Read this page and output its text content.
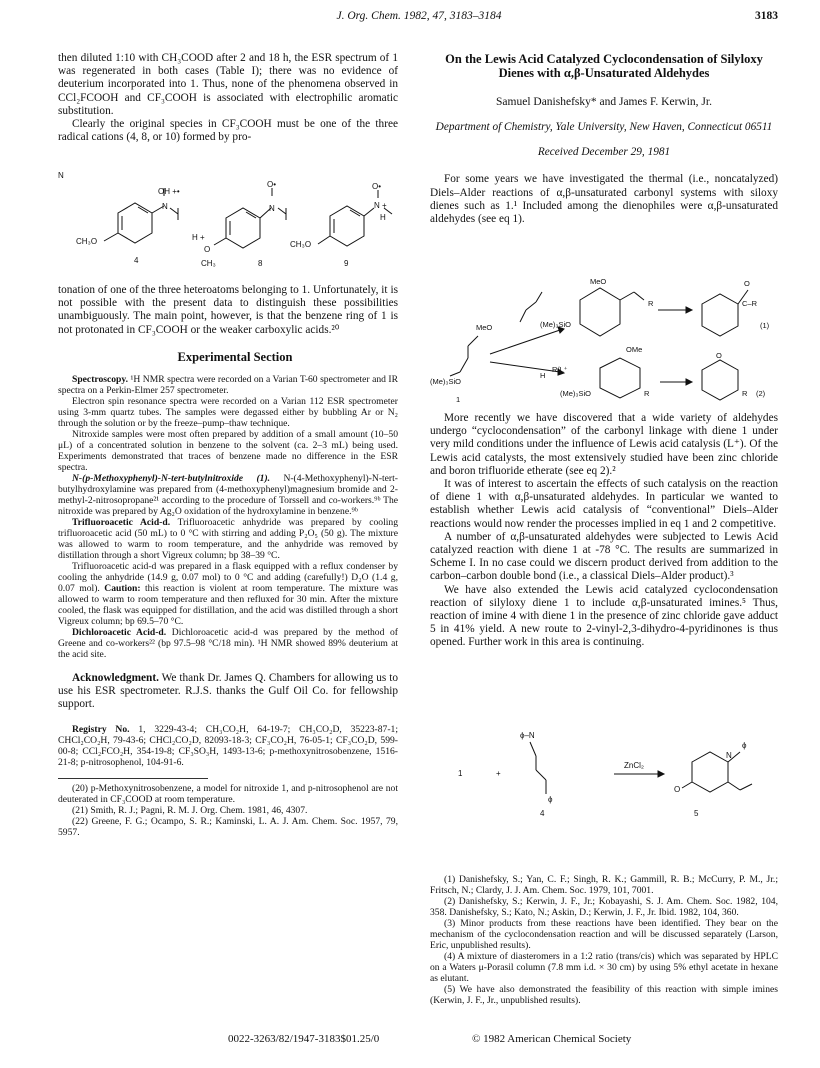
J. Org. Chem. 1982, 47, 3183–3184	3183

then diluted 1:10 with CH₃COOD after 2 and 18 h, the ESR spectrum of 1 was regenerated in both cases (Table I); there was no evidence of deuterium incorporated into 1. Thus, none of the phenomena observed in CCl₂FCOOH and CF₃COOH is associated with electrophilic aromatic substitution.

Clearly the original species in CF₃COOH must be one of the three radical cations (4, 8, or 10) formed by pro-

OH +•
N
CH₃O
4
H +
N
O
CH₃	8
O•
N
O•
N +
H
CH₃O
9

tonation of one of the three heteroatoms belonging to 1. Unfortunately, it is not possible with the present data to distinguish these possibilities unambiguously. The main point, however, is that the benzene ring of 1 is not protonated in CF₃COOH or the weaker carboxylic acids.²⁰

Experimental Section

Spectroscopy. ¹H NMR spectra were recorded on a Varian T-60 spectrometer and IR spectra on a Perkin-Elmer 257 spectrometer.

Electron spin resonance spectra were recorded on a Varian 112 ESR spectrometer using 3-mm quartz tubes. The samples were degassed either by bubbling Ar or N₂ through the solution or by the freeze–pump–thaw technique.

Nitroxide samples were most often prepared by addition of a small amount (10–50 μL) of a concentrated solution in benzene to the solvent (ca. 2–3 mL) being used. Experiments demonstrated that traces of benzene made no difference in the ESR spectra.

N-(p-Methoxyphenyl)-N-tert-butylnitroxide (1). N-(4-Methoxyphenyl)-N-tert-butylhydroxylamine was prepared from (4-methoxyphenyl)magnesium bromide and 2-methyl-2-nitrosopropane²¹ according to the procedure of Torssell and co-workers.⁹ᵇ The nitroxide was prepared by Ag₂O oxidation of the hydroxylamine in benzene.⁹ᵇ

Trifluoroacetic Acid-d. Trifluoroacetic anhydride was prepared by cooling trifluoroacetic acid (50 mL) to 0 °C with stirring and adding P₂O₅ (50 g). The mixture was allowed to warm to room temperature, and the anhydride was removed by distillation through a short Vigreux column; bp 38–39 °C.

Trifluoroacetic acid-d was prepared in a flask equipped with a reflux condenser by cooling the anhydride (14.9 g, 0.07 mol) to 0 °C and adding (carefully!) D₂O (1.4 g, 0.07 mol). Caution: this reaction is violent at room temperature. The mixture was allowed to warm to room temperature and then refluxed for 30 min. After the mixture cooled, the flask was equipped for distillation, and the acid was distilled through a short Vigreux column; bp 69.5–70 °C.

Dichloroacetic Acid-d. Dichloroacetic acid-d was prepared by the method of Greene and co-workers²² (bp 97.5–98 °C/18 min). ¹H NMR showed 89% deuterium at the acid site.

Acknowledgment. We thank Dr. James Q. Chambers for allowing us to use his ESR spectrometer. R.J.S. thanks the Gulf Oil Co. for fellowship support.

Registry No. 1, 3229-43-4; CH₃CO₂H, 64-19-7; CH₃CO₂D, 35223-87-1; CHCl₂CO₂H, 79-43-6; CHCl₂CO₂D, 82093-18-3; CF₃CO₂H, 76-05-1; CF₃CO₂D, 599-00-8; CCl₂FCO₂H, 354-19-8; CF₃SO₃H, 1493-13-6; p-methoxynitrosobenzene, 1516-21-8; p-nitrosophenol, 104-91-6.

(20) p-Methoxynitrosobenzene, a model for nitroxide 1, and p-nitrosophenol are not deuterated in CF₃COOD at room temperature.

(21) Smith, R. J.; Pagni, R. M. J. Org. Chem. 1981, 46, 4307.

(22) Greene, F. G.; Ocampo, S. R.; Kaminski, L. A. J. Am. Chem. Soc. 1957, 79, 5957.

On the Lewis Acid Catalyzed Cyclocondensation of Silyloxy Dienes with α,β-Unsaturated Aldehydes
Samuel Danishefsky* and James F. Kerwin, Jr.
Department of Chemistry, Yale University, New Haven, Connecticut 06511
Received December 29, 1981

For some years we have investigated the thermal (i.e., noncatalyzed) Diels–Alder reactions of α,β-unsaturated carbonyl systems with siloxy dienes such as 1.¹ Included among the dienophiles were α,β-unsaturated aldehydes (see eq 1).

MeO
R
(Me)₃SiO
C–R
(1)
MeO
O
(Me)₃SiO
OMe
H
R/L⁺
(Me)₃SiO	R
O
R (2)
1

More recently we have discovered that a wide variety of aldehydes undergo “cyclocondensation” of the carbonyl linkage with diene 1 under very mild conditions under the influence of Lewis acid catalysis (L⁺). Of the Lewis acid catalysts, the most extensively studied have been zinc chloride and boron trifluoride etherate (see eq 2).²

It was of interest to ascertain the effects of such catalysis on the reaction of diene 1 with α,β-unsaturated aldehydes. In particular we wanted to establish whether Lewis acid catalysis of “conventional” Diels–Alder reactions would now render the processes implied in eq 1 and 2 competitive.

A number of α,β-unsaturated aldehydes were subjected to Lewis Acid catalyzed reaction with diene 1 at -78 °C. The results are summarized in Scheme I. In no case could we discern product derived from addition to the carbon–carbon double bond (i.e., a classical Diels–Alder product).³

We have also extended the Lewis acid catalyzed cyclocondensation reaction of silyloxy diene 1 to include α,β-unsaturated imines.⁵ Thus, reaction of imine 4 with diene 1 in the presence of zinc chloride gave adduct 5 in 41% yield. A new route to 2-vinyl-2,3-dihydro-4-pyridinones is thus opened. Further work in this area is continuing.

ϕ–N
1	+
ZnCl₂
N
ϕ
ϕ
4	5
O

(1) Danishefsky, S.; Yan, C. F.; Singh, R. K.; Gammill, R. B.; McCurry, P. M., Jr.; Fritsch, N.; Clardy, J. J. Am. Chem. Soc. 1979, 101, 7001.

(2) Danishefsky, S.; Kerwin, J. F., Jr.; Kobayashi, S. J. Am. Chem. Soc. 1982, 104, 358. Danishefsky, S.; Kato, N.; Askin, D.; Kerwin, J. F., Jr. Ibid. 1982, 104, 360.

(3) Minor products from these reactions have been identified. They bear on the mechanism of the cyclocondensation reaction and will be discussed separately (Larson, Eric, unpublished results).

(4) A mixture of diasteromers in a 1:2 ratio (trans/cis) which was separated by HPLC on a Waters μ-Porasil column (7.8 mm i.d. × 30 cm) by using 5% ethyl acetate in hexane as elutant.

(5) We have also demonstrated the feasibility of this reaction with simple imines (Kerwin, J. F., Jr., unpublished results).

0022-3263/82/1947-3183$01.25/0	© 1982 American Chemical Society
